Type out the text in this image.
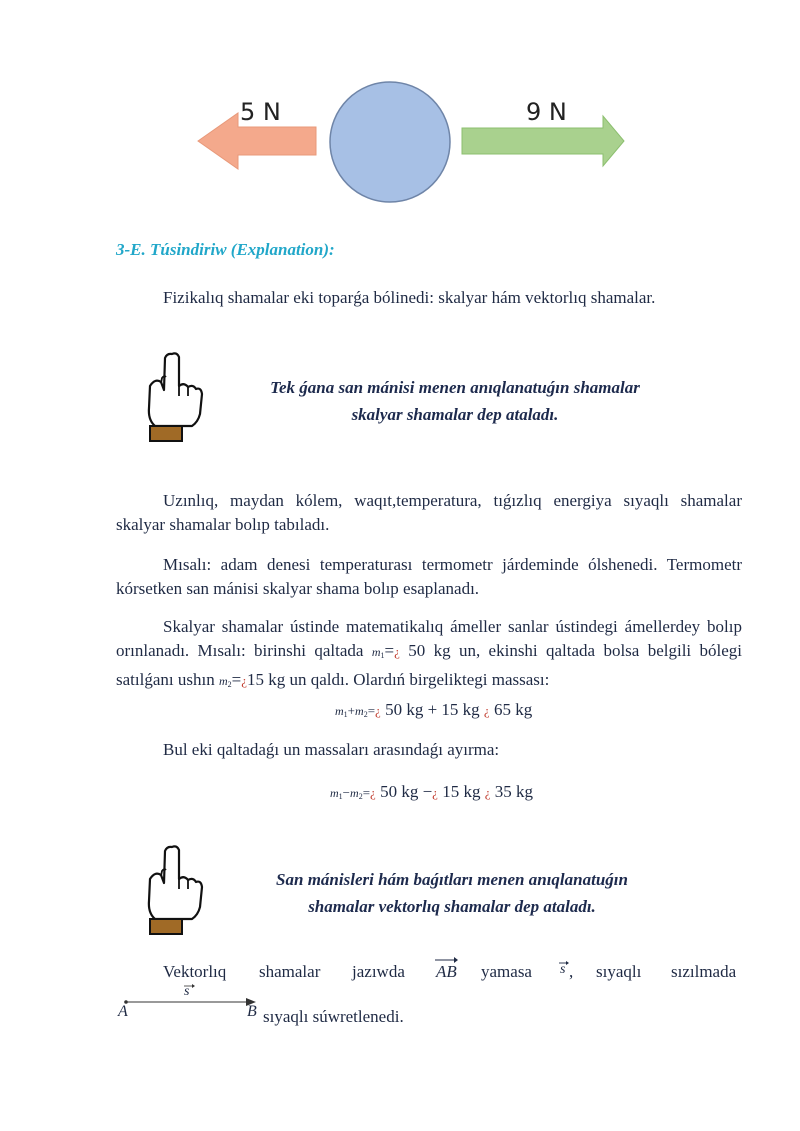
5 N	9 N
3-E. Túsindiriw (Explanation):
Fizikalıq shamalar eki toparǵa bólinedi: skalyar hám vektorlıq shamalar.
Tek ǵana san mánisi menen anıqlanatuǵın shamalar
skalyar shamalar dep ataladı.
Uzınlıq, maydan kólem, waqıt,temperatura, tıǵızlıq energiya sıyaqlı shamalar skalyar shamalar bolıp tabıladı.
Mısalı: adam denesi temperaturası termometr járdeminde ólshenedi. Termometr kórsetken san mánisi skalyar shama bolıp esaplanadı.
Skalyar shamalar ústinde matematikalıq ámeller sanlar ústindegi ámellerdey bolıp orınlanadı. Mısalı: birinshi qaltada $m_1=¿$ 50 kg un, ekinshi qaltada bolsa belgili bólegi satılǵanı ushın $m_2=¿15$ kg un qaldı. Olardıń birgeliktegi massası:
$m_1+m_2=¿$ 50 kg + 15 kg ¿ 65 kg
Bul eki qaltadaǵı un massaları arasındaǵı ayırma:
$m_1-m_2=¿$ 50 kg −¿ 15 kg ¿ 35 kg
San mánisleri hám baǵıtları menen anıqlanatuǵın
shamalar vektorlıq shamalar dep ataladı.
Vektorlıq shamalar jazıwda AB yamasa s , sıyaqlı sızılmada
s
A	B sıyaqlı súwretlenedi.
